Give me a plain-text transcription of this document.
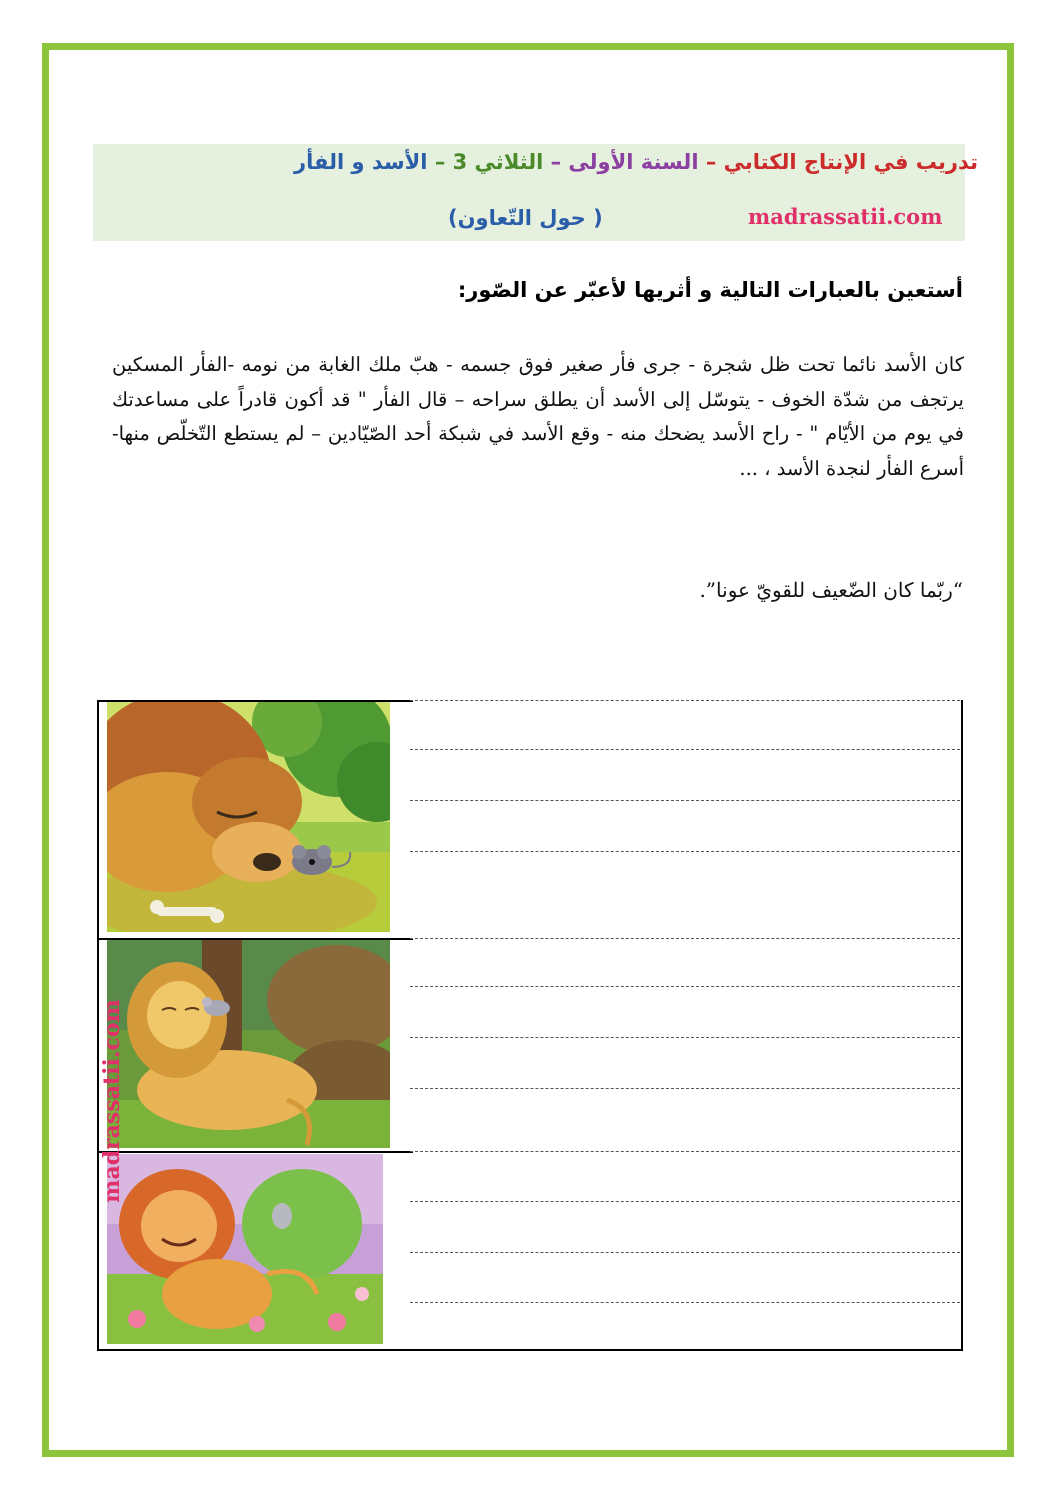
تدريب في الإنتاج الكتابي – السنة الأولى – الثلاثي 3 – الأسد و الفأر
( حول التّعاون)	madrassatii.com
أستعين بالعبارات التالية و أثريها لأعبّر عن الصّور:
كان الأسد نائما تحت ظل شجرة - جرى فأر صغير فوق جسمه - هبّ ملك الغابة من نومه -الفأر المسكين يرتجف من شدّة الخوف - يتوسّل إلى الأسد أن يطلق سراحه – قال الفأر " قد أكون قادراً على مساعدتك في يوم من الأيّام " - راح الأسد يضحك منه - وقع الأسد في شبكة أحد الصّيّادين – لم يستطع التّخلّص منها- أسرع الفأر لنجدة الأسد ، ...
“ربّما كان الضّعيف للقويّ عونا”.
madrassatii.com
